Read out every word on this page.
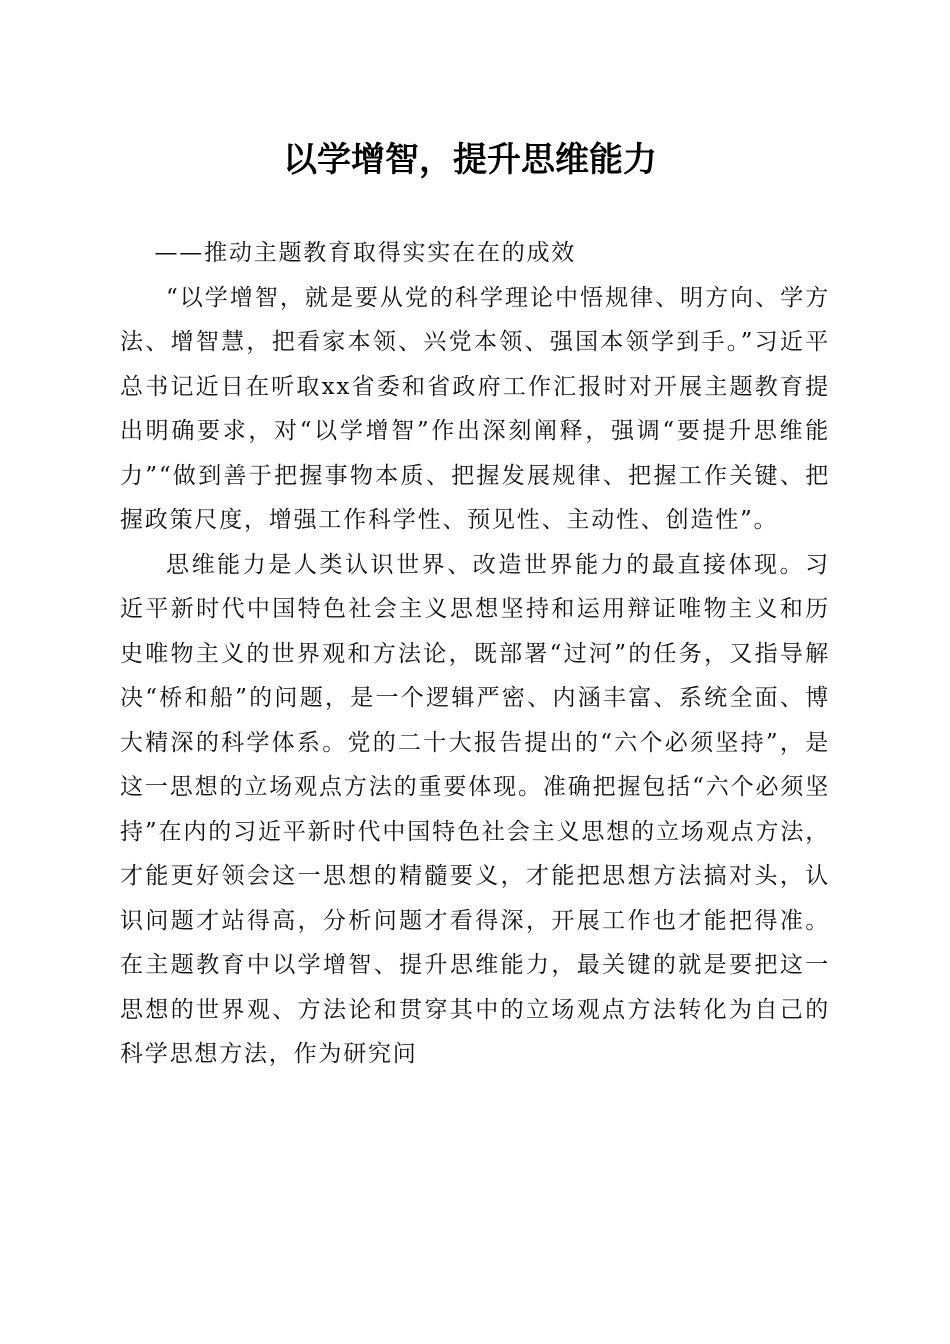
以学增智，提升思维能力

——推动主题教育取得实实在在的成效

“以学增智，就是要从党的科学理论中悟规律、明方向、学方法、增智慧，把看家本领、兴党本领、强国本领学到手。”习近平总书记近日在听取xx省委和省政府工作汇报时对开展主题教育提出明确要求，对“以学增智”作出深刻阐释，强调“要提升思维能力”“做到善于把握事物本质、把握发展规律、把握工作关键、把握政策尺度，增强工作科学性、预见性、主动性、创造性”。

思维能力是人类认识世界、改造世界能力的最直接体现。习近平新时代中国特色社会主义思想坚持和运用辩证唯物主义和历史唯物主义的世界观和方法论，既部署“过河”的任务，又指导解决“桥和船”的问题，是一个逻辑严密、内涵丰富、系统全面、博大精深的科学体系。党的二十大报告提出的“六个必须坚持”，是这一思想的立场观点方法的重要体现。准确把握包括“六个必须坚持”在内的习近平新时代中国特色社会主义思想的立场观点方法，才能更好领会这一思想的精髓要义，才能把思想方法搞对头，认识问题才站得高，分析问题才看得深，开展工作也才能把得准。在主题教育中以学增智、提升思维能力，最关键的就是要把这一思想的世界观、方法论和贯穿其中的立场观点方法转化为自己的科学思想方法，作为研究问
